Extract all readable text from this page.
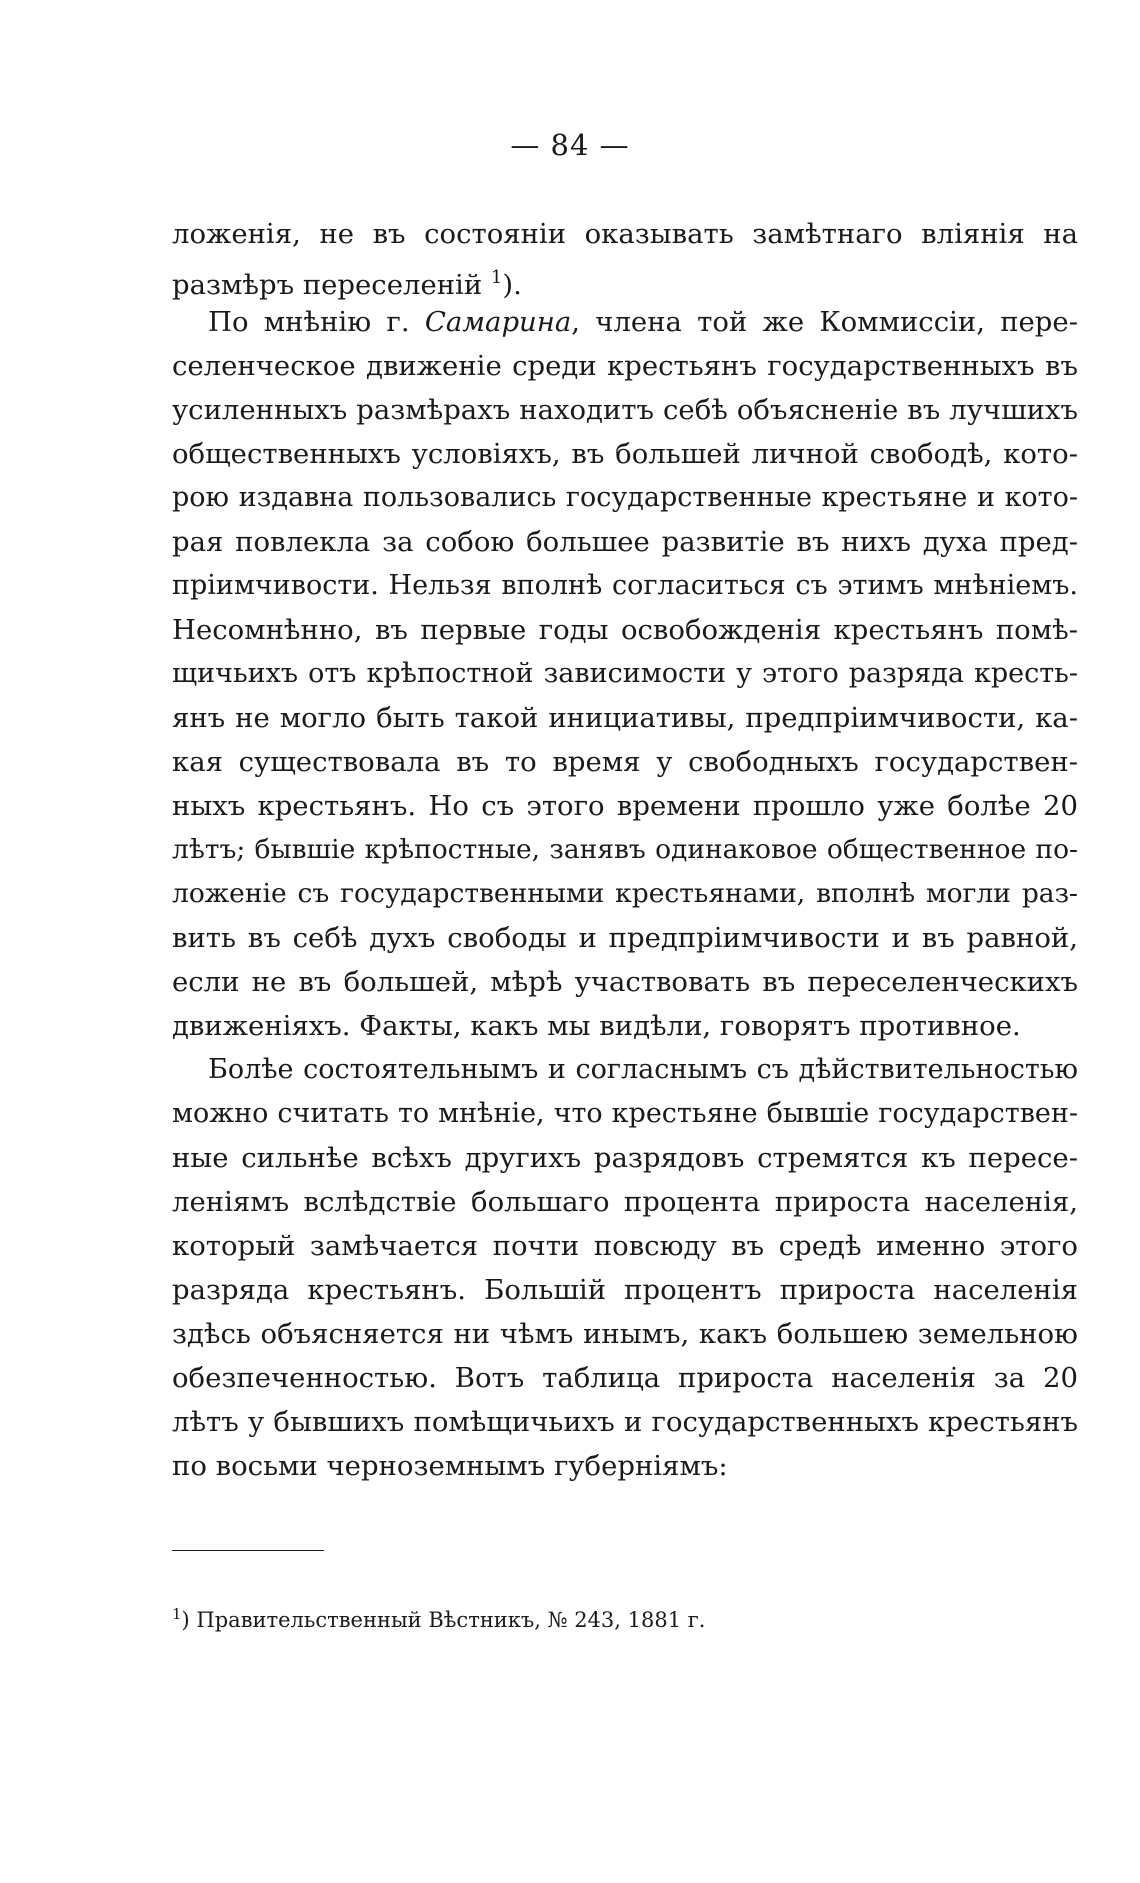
— 84 —
ложенія, не въ состояніи оказывать замѣтнаго вліянія на
размѣръ переселеній $^1$).
По мнѣнію г. Самарина, члена той же Коммиссіи, пере-
селенческое движеніе среди крестьянъ государственныхъ въ
усиленныхъ размѣрахъ находитъ себѣ объясненіе въ лучшихъ
общественныхъ условіяхъ, въ большей личной свободѣ, кото-
рою издавна пользовались государственные крестьяне и кото-
рая повлекла за собою большее развитіе въ нихъ духа пред-
пріимчивости. Нельзя вполнѣ согласиться съ этимъ мнѣніемъ.
Несомнѣнно, въ первые годы освобожденія крестьянъ помѣ-
щичьихъ отъ крѣпостной зависимости у этого разряда кресть-
янъ не могло быть такой инициативы, предпріимчивости, ка-
кая существовала въ то время у свободныхъ государствен-
ныхъ крестьянъ. Но съ этого времени прошло уже болѣе 20
лѣтъ; бывшіе крѣпостные, занявъ одинаковое общественное по-
ложеніе съ государственными крестьянами, вполнѣ могли раз-
вить въ себѣ духъ свободы и предпріимчивости и въ равной,
если не въ большей, мѣрѣ участвовать въ переселенческихъ
движеніяхъ. Факты, какъ мы видѣли, говорятъ противное.
Болѣе состоятельнымъ и согласнымъ съ дѣйствительностью
можно считать то мнѣніе, что крестьяне бывшіе государствен-
ные сильнѣе всѣхъ другихъ разрядовъ стремятся къ пересе-
леніямъ вслѣдствіе большаго процента прироста населенія,
который замѣчается почти повсюду въ средѣ именно этого
разряда крестьянъ. Большій процентъ прироста населенія
здѣсь объясняется ни чѣмъ инымъ, какъ большею земельною
обезпеченностью. Вотъ таблица прироста населенія за 20
лѣтъ у бывшихъ помѣщичьихъ и государственныхъ крестьянъ
по восьми черноземнымъ губерніямъ:
$^1$) Правительственный Вѣстникъ, № 243, 1881 г.
